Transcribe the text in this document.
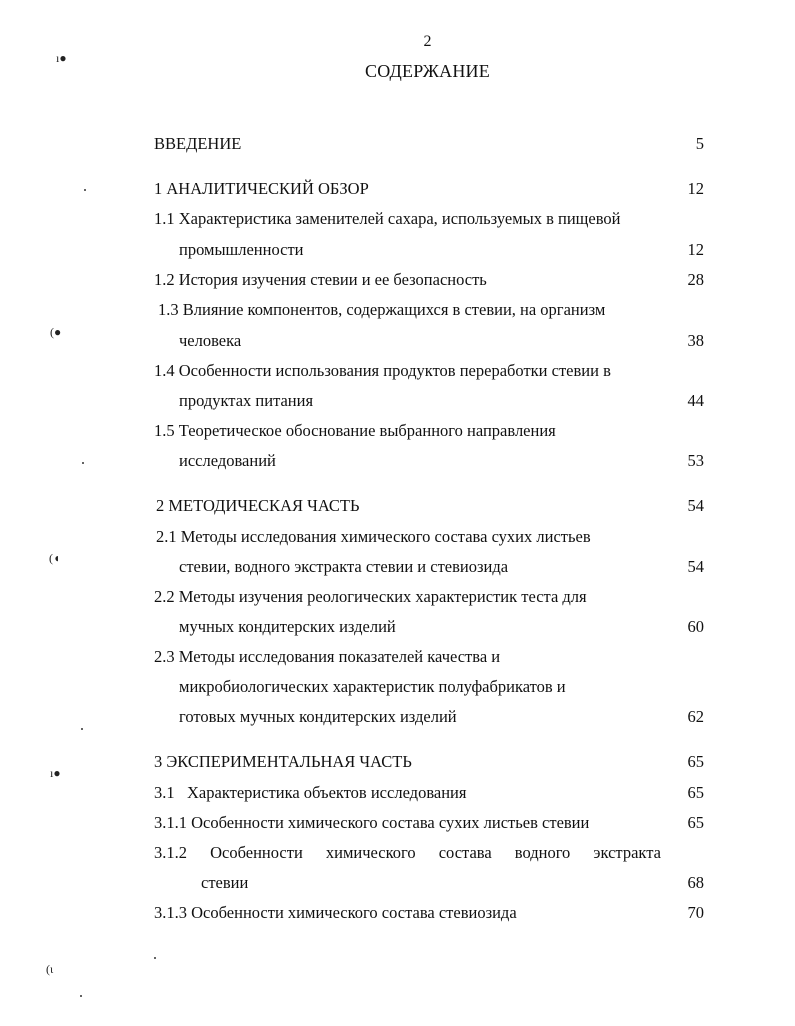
2
СОДЕРЖАНИЕ
ВВЕДЕНИЕ	5
1 АНАЛИТИЧЕСКИЙ ОБЗОР	12
1.1 Характеристика заменителей сахара, используемых в пищевой
промышленности	12
1.2 История изучения стевии и ее безопасность	28
1.3 Влияние компонентов, содержащихся в стевии, на организм
человека	38
1.4 Особенности использования продуктов переработки стевии в
продуктах питания	44
1.5 Теоретическое обоснование выбранного направления
исследований	53
2 МЕТОДИЧЕСКАЯ ЧАСТЬ	54
2.1 Методы исследования химического состава сухих листьев
стевии, водного экстракта стевии и стевиозида	54
2.2 Методы изучения реологических характеристик теста для
мучных кондитерских изделий	60
2.3 Методы исследования показателей качества и
микробиологических характеристик полуфабрикатов и
готовых мучных кондитерских изделий	62
3 ЭКСПЕРИМЕНТАЛЬНАЯ ЧАСТЬ	65
3.1   Характеристика объектов исследования	65
3.1.1 Особенности химического состава сухих листьев стевии	65
3.1.2 Особенности химического состава водного экстракта
стевии	68
3.1.3 Особенности химического состава стевиозида	70
ı●
(●
(◖
ı●
(ɩ
